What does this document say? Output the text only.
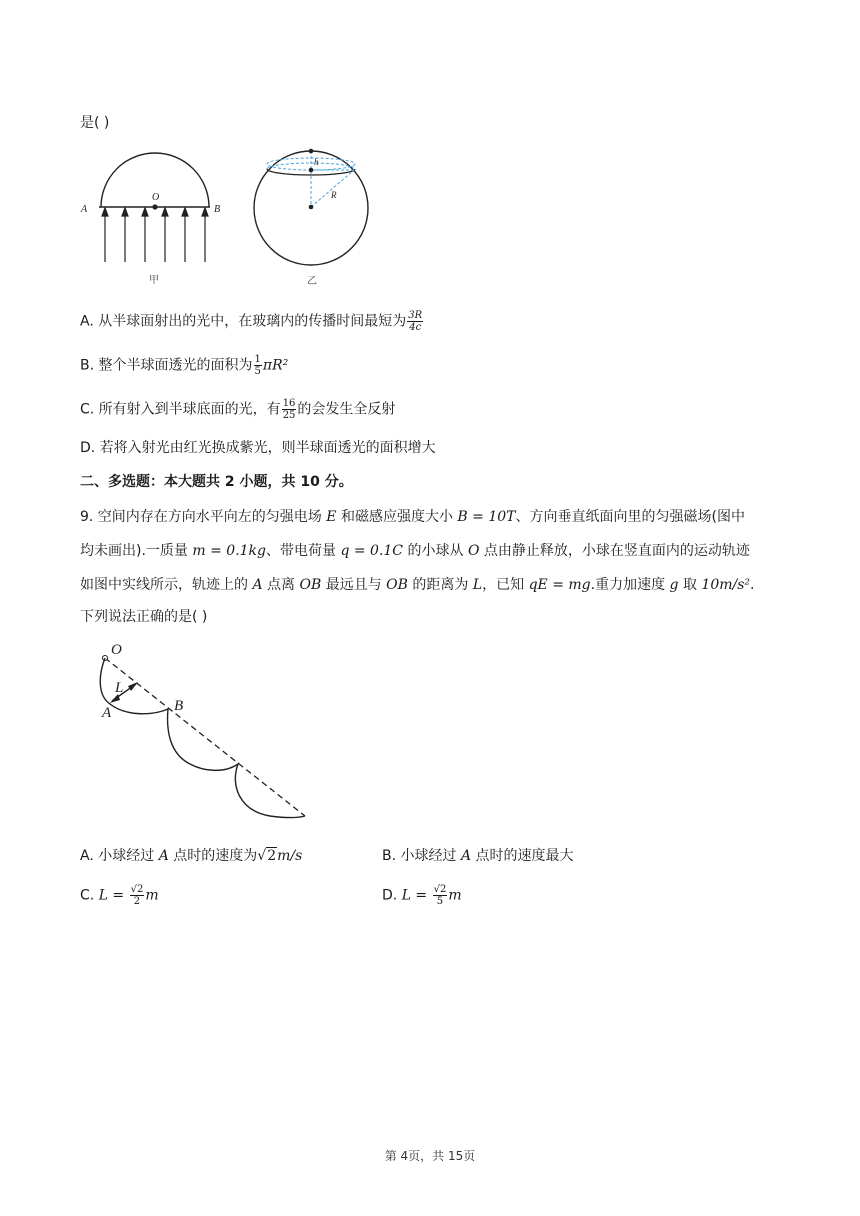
是( )
A
O
B
甲
h
R
乙
A. 从半球面射出的光中，在玻璃内的传播时间最短为 $\frac{3R}{4c}$
B. 整个半球面透光的面积为 $\frac{1}{5} \pi R^2$
C. 所有射入到半球底面的光，有 $\frac{16}{25}$ 的会发生全反射
D. 若将入射光由红光换成紫光，则半球面透光的面积增大
二、多选题：本大题共 2 小题，共 10 分。
9. 空间内存在方向水平向左的匀强电场 E 和磁感应强度大小 B = 10T、方向垂直纸面向里的匀强磁场(图中
均未画出).一质量 m = 0.1kg、带电荷量 q = 0.1C 的小球从 O 点由静止释放，小球在竖直面内的运动轨迹
如图中实线所示，轨迹上的 A 点离 OB 最远且与 OB 的距离为 L，已知 qE = mg.重力加速度 g 取 10m/s².
下列说法正确的是( )
O
L
A	B
A. 小球经过 A 点时的速度为√2m/s	B. 小球经过 A 点时的速度最大
C. $L = \frac{√2}{2}$ m	D. $L = \frac{√2}{5}$ m
第 4页，共 15页
